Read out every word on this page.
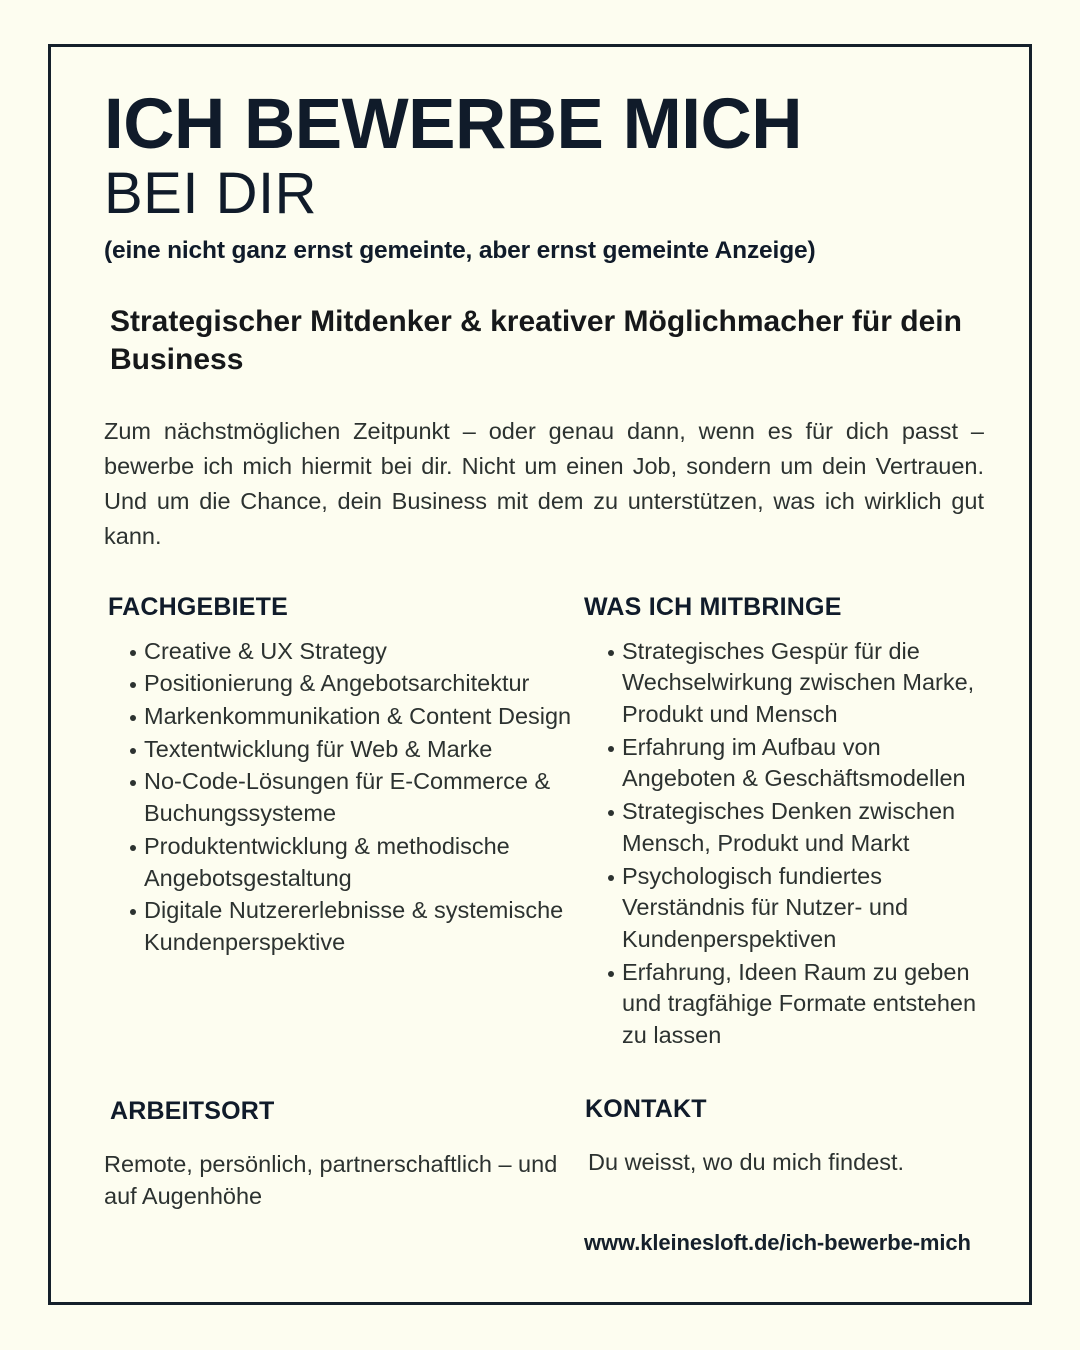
ICH BEWERBE MICH
BEI DIR

(eine nicht ganz ernst gemeinte, aber ernst gemeinte Anzeige)

Strategischer Mitdenker & kreativer Möglichmacher für dein Business

Zum nächstmöglichen Zeitpunkt – oder genau dann, wenn es für dich passt – bewerbe ich mich hiermit bei dir. Nicht um einen Job, sondern um dein Vertrauen. Und um die Chance, dein Business mit dem zu unterstützen, was ich wirklich gut kann.

FACHGEBIETE
Creative & UX Strategy
Positionierung & Angebotsarchitektur
Markenkommunikation & Content Design
Textentwicklung für Web & Marke
No-Code-Lösungen für E-Commerce & Buchungssysteme
Produktentwicklung & methodische Angebotsgestaltung
Digitale Nutzererlebnisse & systemische Kundenperspektive
WAS ICH MITBRINGE
Strategisches Gespür für die Wechselwirkung zwischen Marke, Produkt und Mensch
Erfahrung im Aufbau von Angeboten & Geschäftsmodellen
Strategisches Denken zwischen Mensch, Produkt und Markt
Psychologisch fundiertes Verständnis für Nutzer- und Kundenperspektiven
Erfahrung, Ideen Raum zu geben und tragfähige Formate entstehen zu lassen
ARBEITSORT

Remote, persönlich, partnerschaftlich – und auf Augenhöhe

KONTAKT

Du weisst, wo du mich findest.

www.kleinesloft.de/ich-bewerbe-mich
